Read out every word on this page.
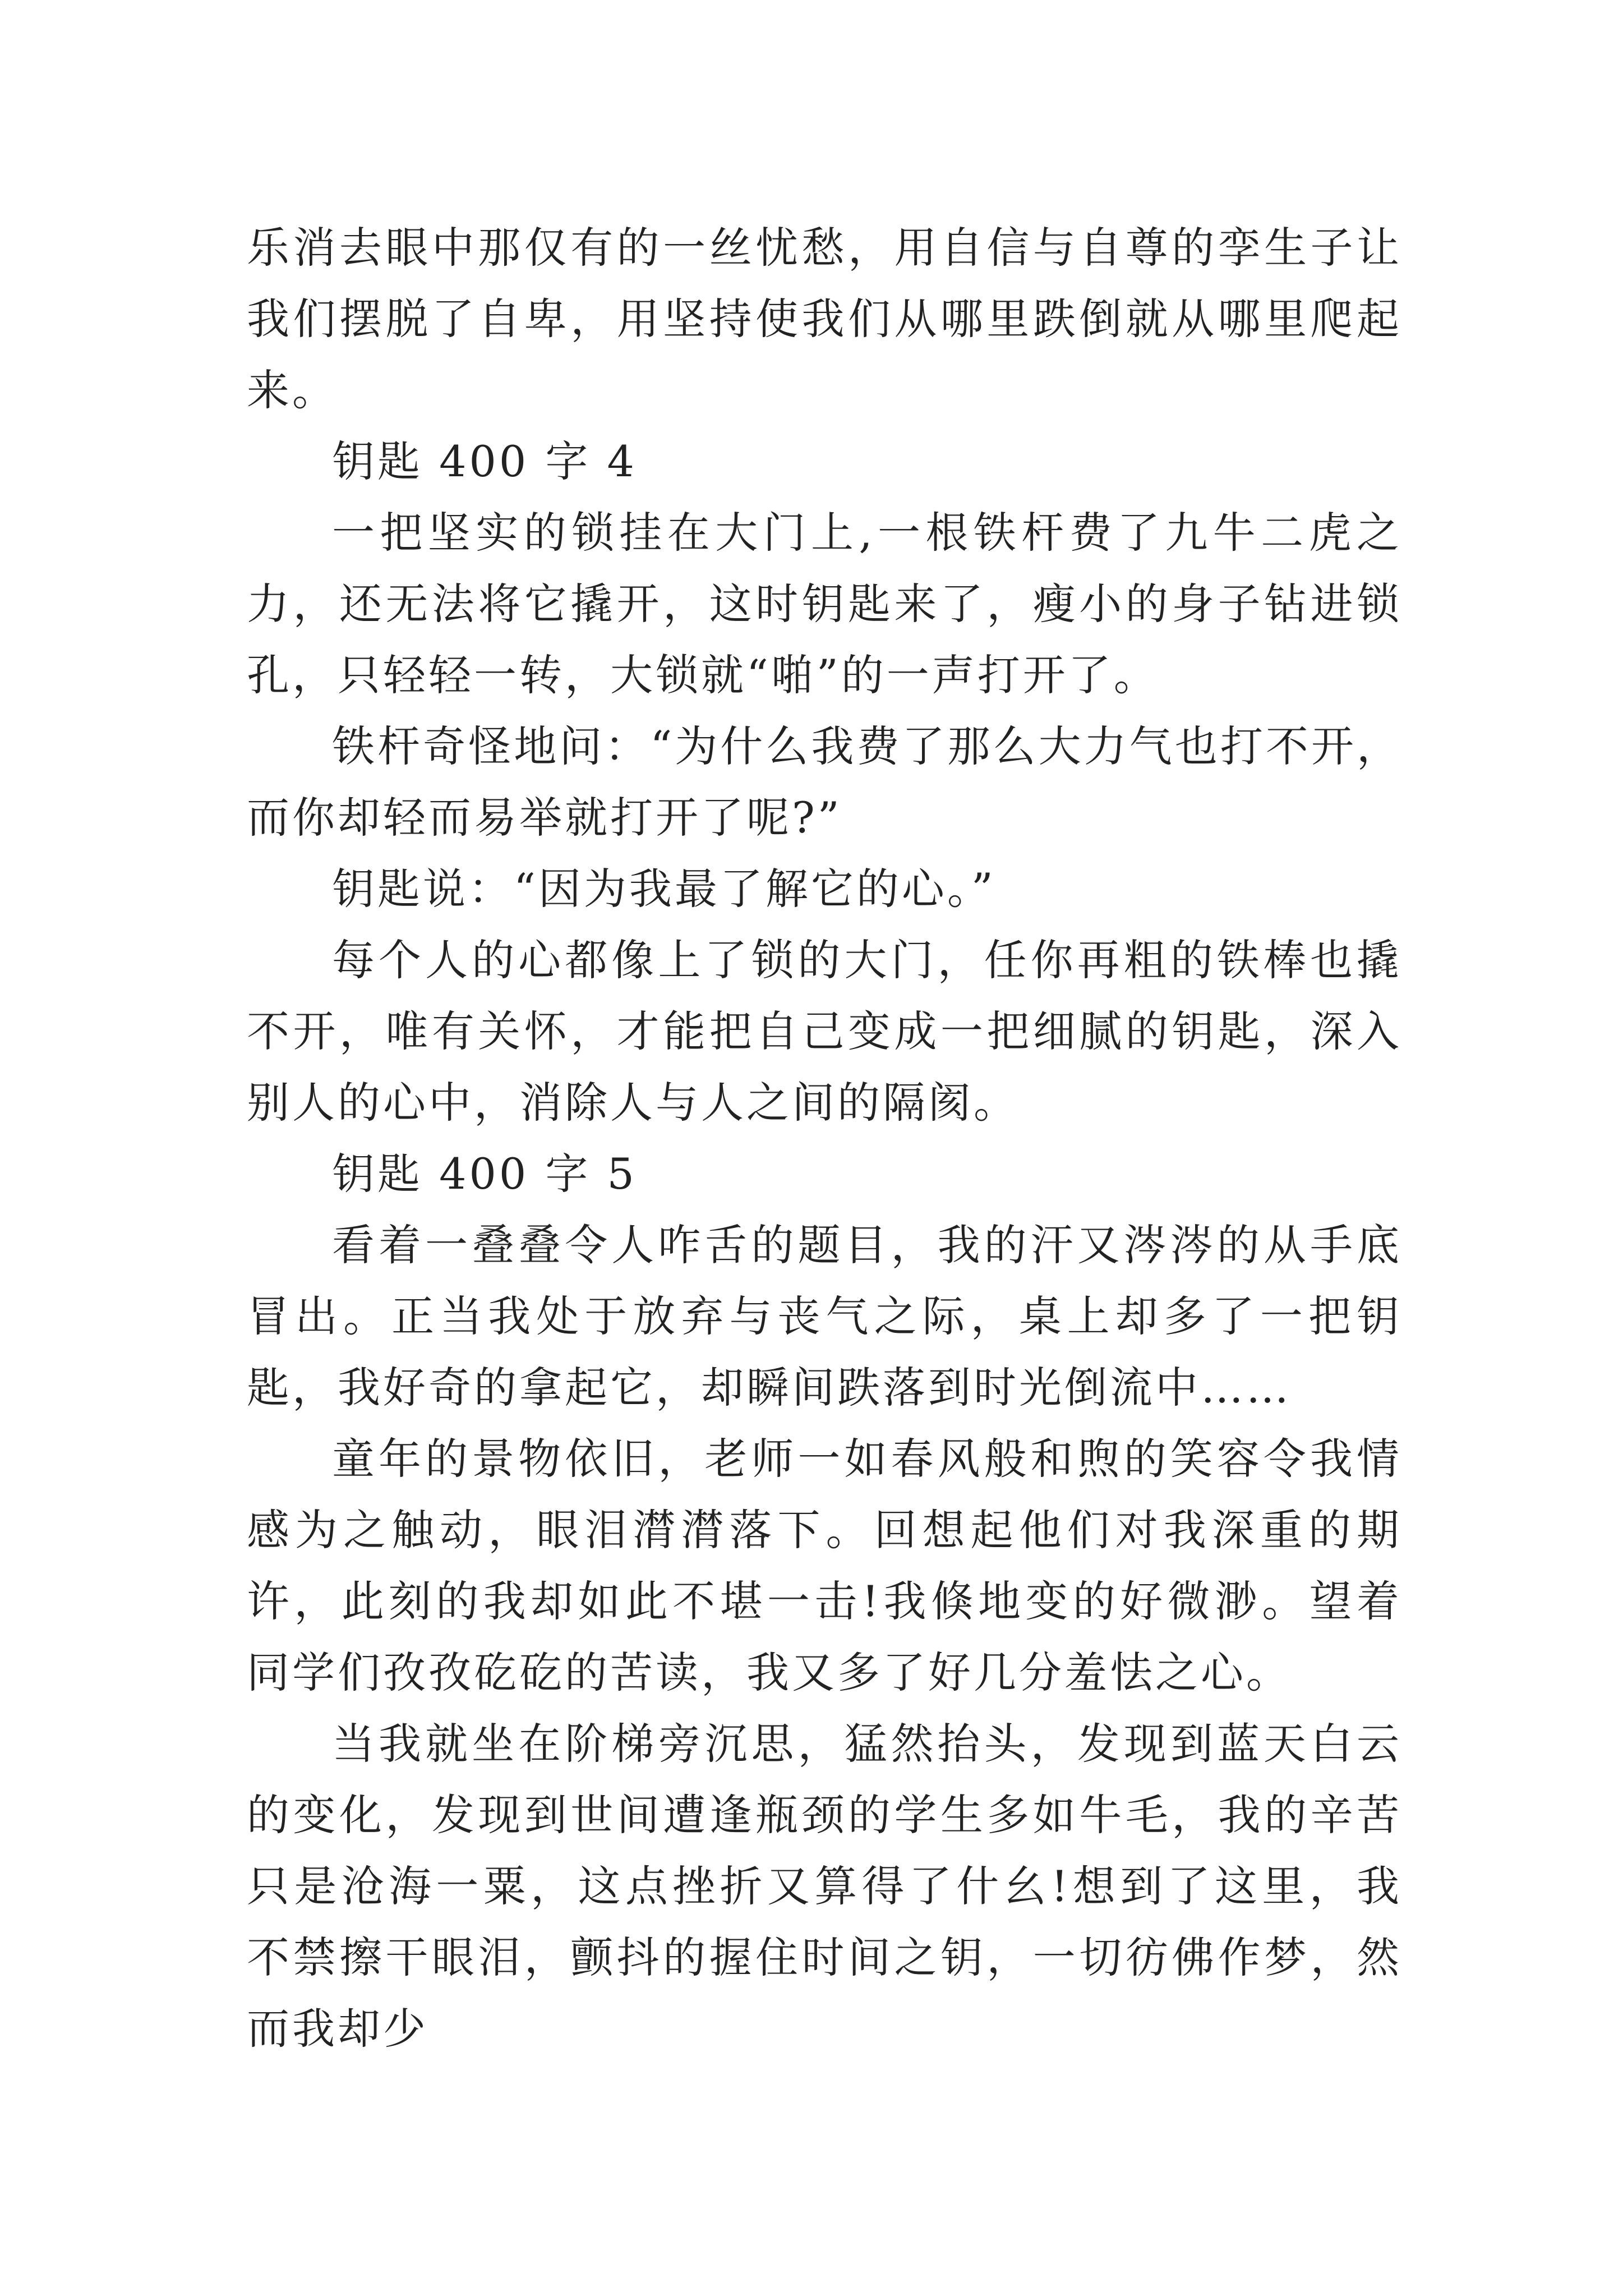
乐消去眼中那仅有的一丝忧愁，用自信与自尊的孪生子让我们摆脱了自卑，用坚持使我们从哪里跌倒就从哪里爬起来。

钥匙 400 字 4

一把坚实的锁挂在大门上,一根铁杆费了九牛二虎之力，还无法将它撬开，这时钥匙来了，瘦小的身子钻进锁孔，只轻轻一转，大锁就“啪”的一声打开了。

铁杆奇怪地问：“为什么我费了那么大力气也打不开，而你却轻而易举就打开了呢?”

钥匙说：“因为我最了解它的心。”

每个人的心都像上了锁的大门，任你再粗的铁棒也撬不开，唯有关怀，才能把自己变成一把细腻的钥匙，深入别人的心中，消除人与人之间的隔阂。

钥匙 400 字 5

看着一叠叠令人咋舌的题目，我的汗又涔涔的从手底冒出。正当我处于放弃与丧气之际，桌上却多了一把钥匙，我好奇的拿起它，却瞬间跌落到时光倒流中……

童年的景物依旧，老师一如春风般和煦的笑容令我情感为之触动，眼泪潸潸落下。回想起他们对我深重的期许，此刻的我却如此不堪一击!我倏地变的好微渺。望着同学们孜孜矻矻的苦读，我又多了好几分羞怯之心。

当我就坐在阶梯旁沉思，猛然抬头，发现到蓝天白云的变化，发现到世间遭逢瓶颈的学生多如牛毛，我的辛苦只是沧海一粟，这点挫折又算得了什幺!想到了这里，我不禁擦干眼泪，颤抖的握住时间之钥，一切彷佛作梦，然而我却少
